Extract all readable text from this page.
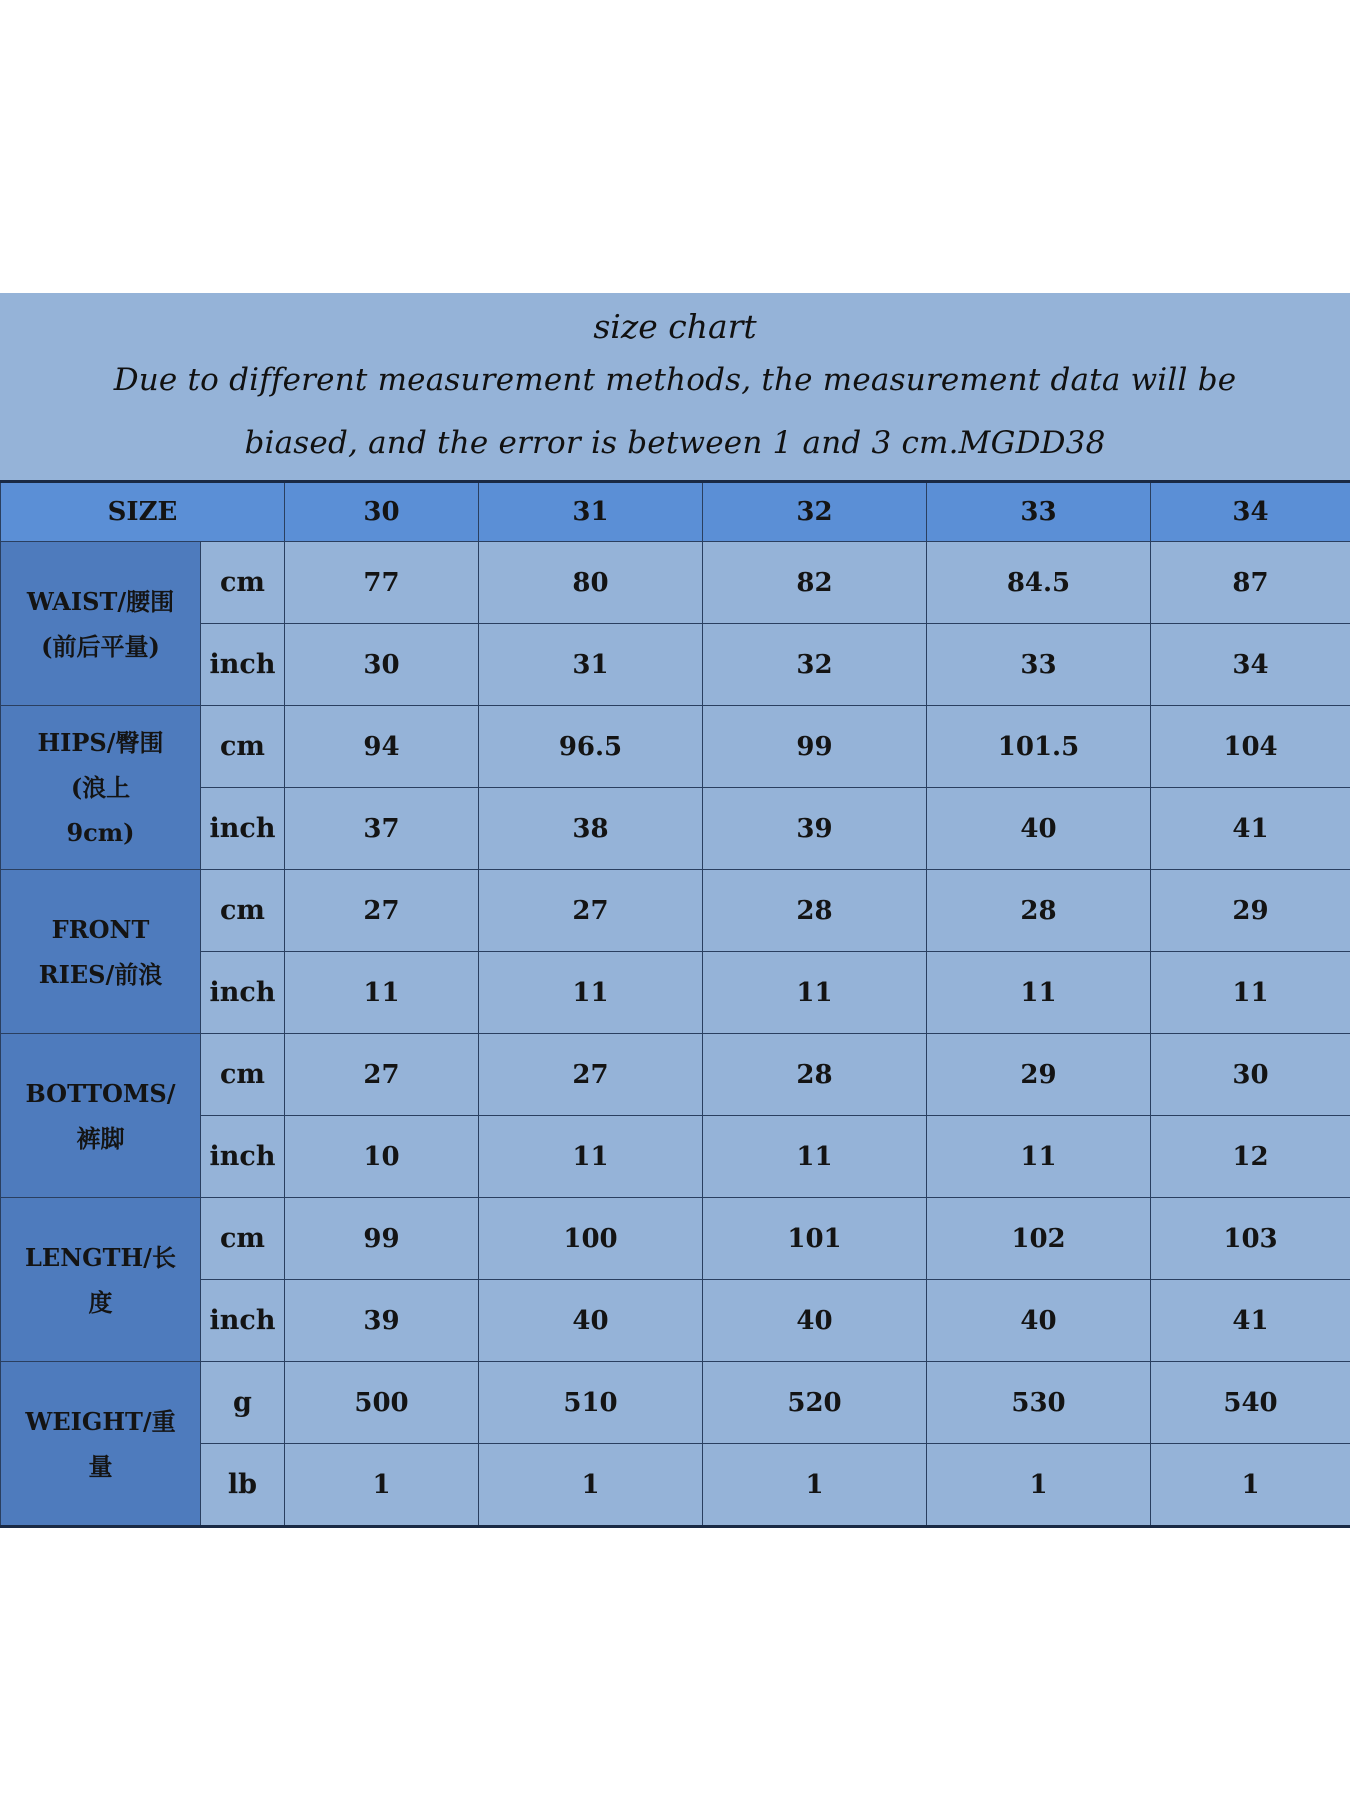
size chart
Due to different measurement methods, the measurement data will be
biased, and the error is between 1 and 3 cm.MGDD38
SIZE		30	31	32	33	34

WAIST/腰围
(前后平量)	cm	77	80	82	84.5	87
	inch	30	31	32	33	34

HIPS/臀围
(浪上
9cm)	cm	94	96.5	99	101.5	104
	inch	37	38	39	40	41

FRONT
RIES/前浪	cm	27	27	28	28	29
	inch	11	11	11	11	11

BOTTOMS/
裤脚	cm	27	27	28	29	30
	inch	10	11	11	11	12

LENGTH/长
度	cm	99	100	101	102	103
	inch	39	40	40	40	41

WEIGHT/重
量	g	500	510	520	530	540
	lb	1	1	1	1	1
